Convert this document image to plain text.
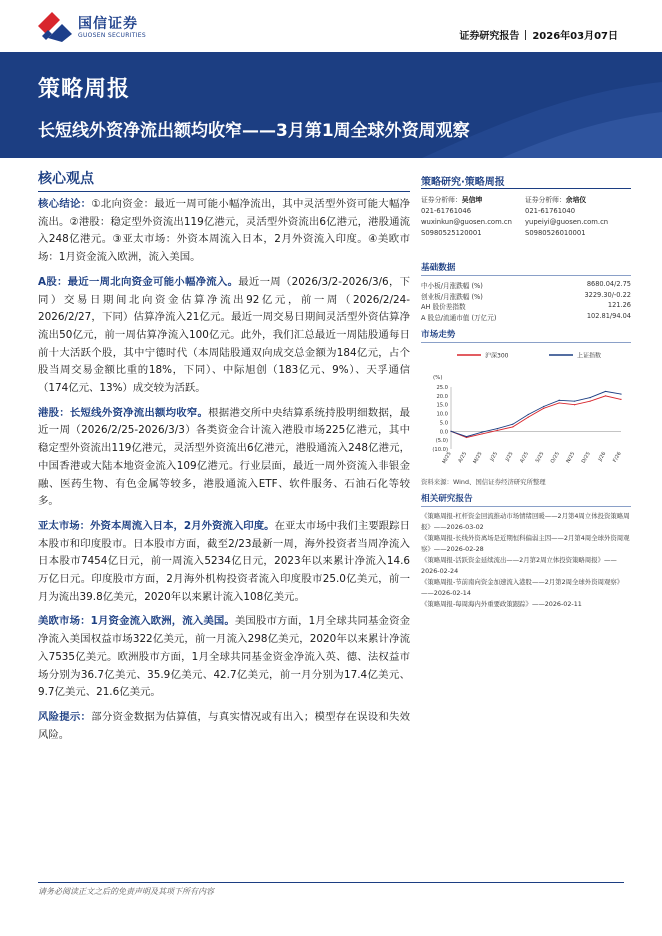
国信证券
GUOSEN SECURITIES	证券研究报告 2026年03月07日
策略周报
长短线外资净流出额均收窄——3月第1周全球外资周观察
核心观点
核心结论：①北向资金：最近一周可能小幅净流出，其中灵活型外资可能大幅净流出。②港股：稳定型外资流出119亿港元，灵活型外资流出6亿港元，港股通流入248亿港元。③亚太市场：外资本周流入日本，2月外资流入印度。④美欧市场：1月资金流入欧洲，流入美国。
A股：最近一周北向资金可能小幅净流入。最近一周（2026/3/2-2026/3/6，下同）交易日期间北向资金估算净流出92亿元，前一周（2026/2/24-2026/2/27，下同）估算净流入21亿元。最近一周交易日期间灵活型外资估算净流出50亿元，前一周估算净流入100亿元。此外，我们汇总最近一周陆股通每日前十大活跃个股，其中宁德时代（本周陆股通双向成交总金额为184亿元，占个股当周交易金额比重的18%，下同）、中际旭创（183亿元、9%）、天孚通信（174亿元、13%）成交较为活跃。
港股：长短线外资净流出额均收窄。根据港交所中央结算系统持股明细数据，最近一周（2026/2/25-2026/3/3）各类资金合计流入港股市场225亿港元，其中稳定型外资流出119亿港元，灵活型外资流出6亿港元，港股通流入248亿港元，中国香港或大陆本地资金流入109亿港元。行业层面，最近一周外资流入非银金融、医药生物、有色金属等较多，港股通流入ETF、软件服务、石油石化等较多。
亚太市场：外资本周流入日本，2月外资流入印度。在亚太市场中我们主要跟踪日本股市和印度股市。日本股市方面，截至2/23最新一周，海外投资者当周净流入日本股市7454亿日元，前一周流入5234亿日元，2023年以来累计净流入14.6万亿日元。印度股市方面，2月海外机构投资者流入印度股市25.0亿美元，前一月为流出39.8亿美元，2020年以来累计流入108亿美元。
美欧市场：1月资金流入欧洲，流入美国。美国股市方面，1月全球共同基金资金净流入美国权益市场322亿美元，前一月流入298亿美元，2020年以来累计净流入7535亿美元。欧洲股市方面，1月全球共同基金资金净流入英、德、法权益市场分别为36.7亿美元、35.9亿美元、42.7亿美元，前一月分别为17.4亿美元、9.7亿美元、21.6亿美元。
风险提示：部分资金数据为估算值，与真实情况或有出入；模型存在误设和失效风险。
策略研究·策略周报
证券分析师：吴信坤
021-61761046
wuxinkun@guosen.com.cn
S0980525120001
证券分析师：余培仪
021-61761040
yupeiyi@guosen.com.cn
S0980526010001
基础数据
中小板/月涨跌幅 (%)	8680.04/2.75
创业板/月涨跌幅 (%)	3229.30/-0.22
AH 股价差指数	121.26
A 股总/流通市值 (万亿元)	102.81/94.04
市场走势
沪深300	上证指数
(%)
25.0
20.0
15.0
10.0
5.0
0.0
(5.0)
(10.0)
M/25 A/25 M/25 J/25 J/25 A/25 S/25 O/25 N/25 D/25 J/26 F/26
资料来源：Wind、国信证券经济研究所整理
相关研究报告
《策略周报-杠杆资金回流推动市场情绪回暖——2月第4周立体投资策略周报》——2026-03-02
《策略周报-长线外资离场是近期恒科偏弱主因——2月第4周全球外资周观察》——2026-02-28
《策略周报-活跃资金延续流出——2月第2周立体投资策略周报》——2026-02-24
《策略周报-节前南向资金加速流入港股——2月第2周全球外资周观察》——2026-02-14
《策略周报-每周海内外重要政策跟踪》——2026-02-11
请务必阅读正文之后的免责声明及其项下所有内容
